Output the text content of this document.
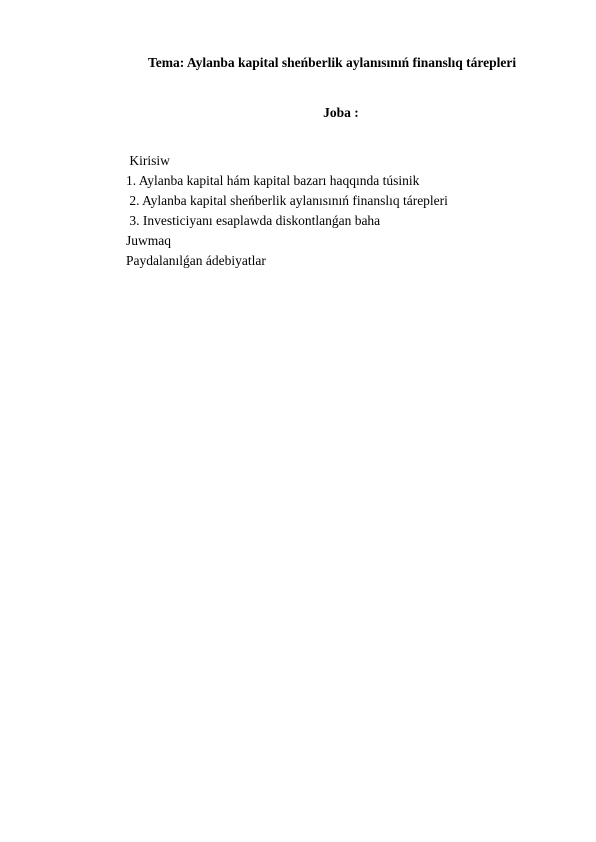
Tema: Aylanba kapital sheńberlik aylanısınıń finanslıq tárepleri
Joba :
Kirisiw
1. Aylanba kapital hám kapital bazarı haqqında túsinik
2. Aylanba kapital sheńberlik aylanısınıń finanslıq tárepleri
3. Investiciyanı esaplawda diskontlanǵan baha
Juwmaq
Paydalanılǵan ádebiyatlar
